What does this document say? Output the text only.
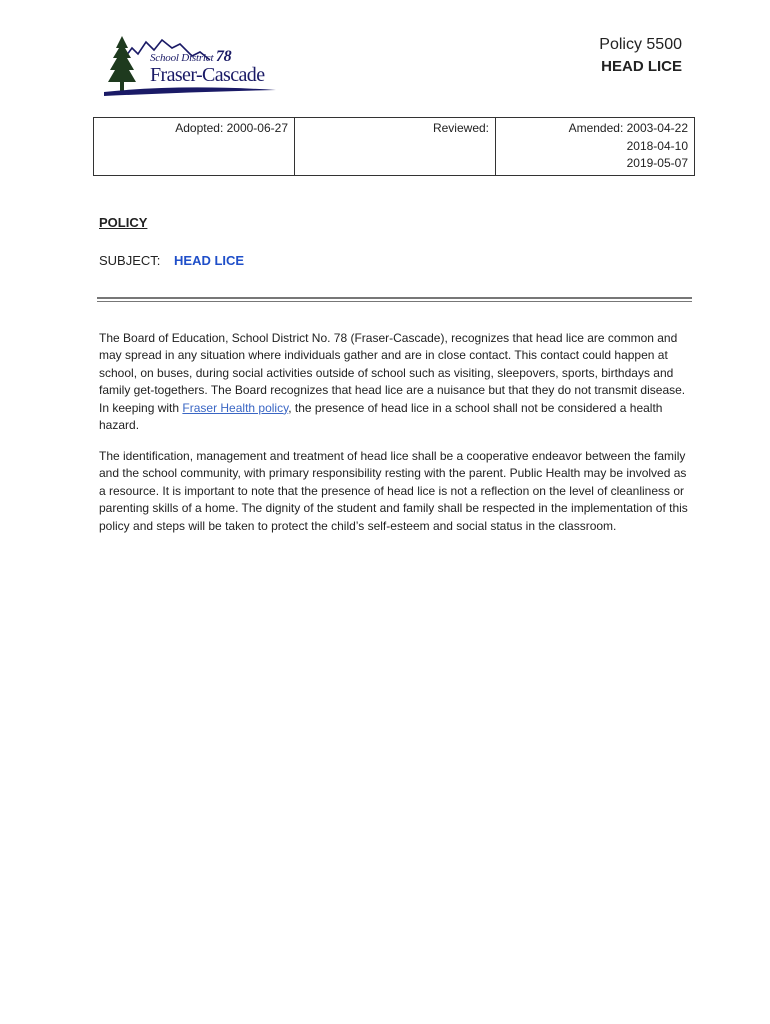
School District 78
Fraser-Cascade
Policy 5500
HEAD LICE
Adopted: 2000-06-27	Reviewed:	Amended: 2003-04-22
2018-04-10
2019-05-07
POLICY
SUBJECT: HEAD LICE
The Board of Education, School District No. 78 (Fraser-Cascade), recognizes that head lice are common and may spread in any situation where individuals gather and are in close contact. This contact could happen at school, on buses, during social activities outside of school such as visiting, sleepovers, sports, birthdays and family get-togethers. The Board recognizes that head lice are a nuisance but that they do not transmit disease. In keeping with Fraser Health policy, the presence of head lice in a school shall not be considered a health hazard.
The identification, management and treatment of head lice shall be a cooperative endeavor between the family and the school community, with primary responsibility resting with the parent. Public Health may be involved as a resource. It is important to note that the presence of head lice is not a reflection on the level of cleanliness or parenting skills of a home. The dignity of the student and family shall be respected in the implementation of this policy and steps will be taken to protect the child’s self-esteem and social status in the classroom.
